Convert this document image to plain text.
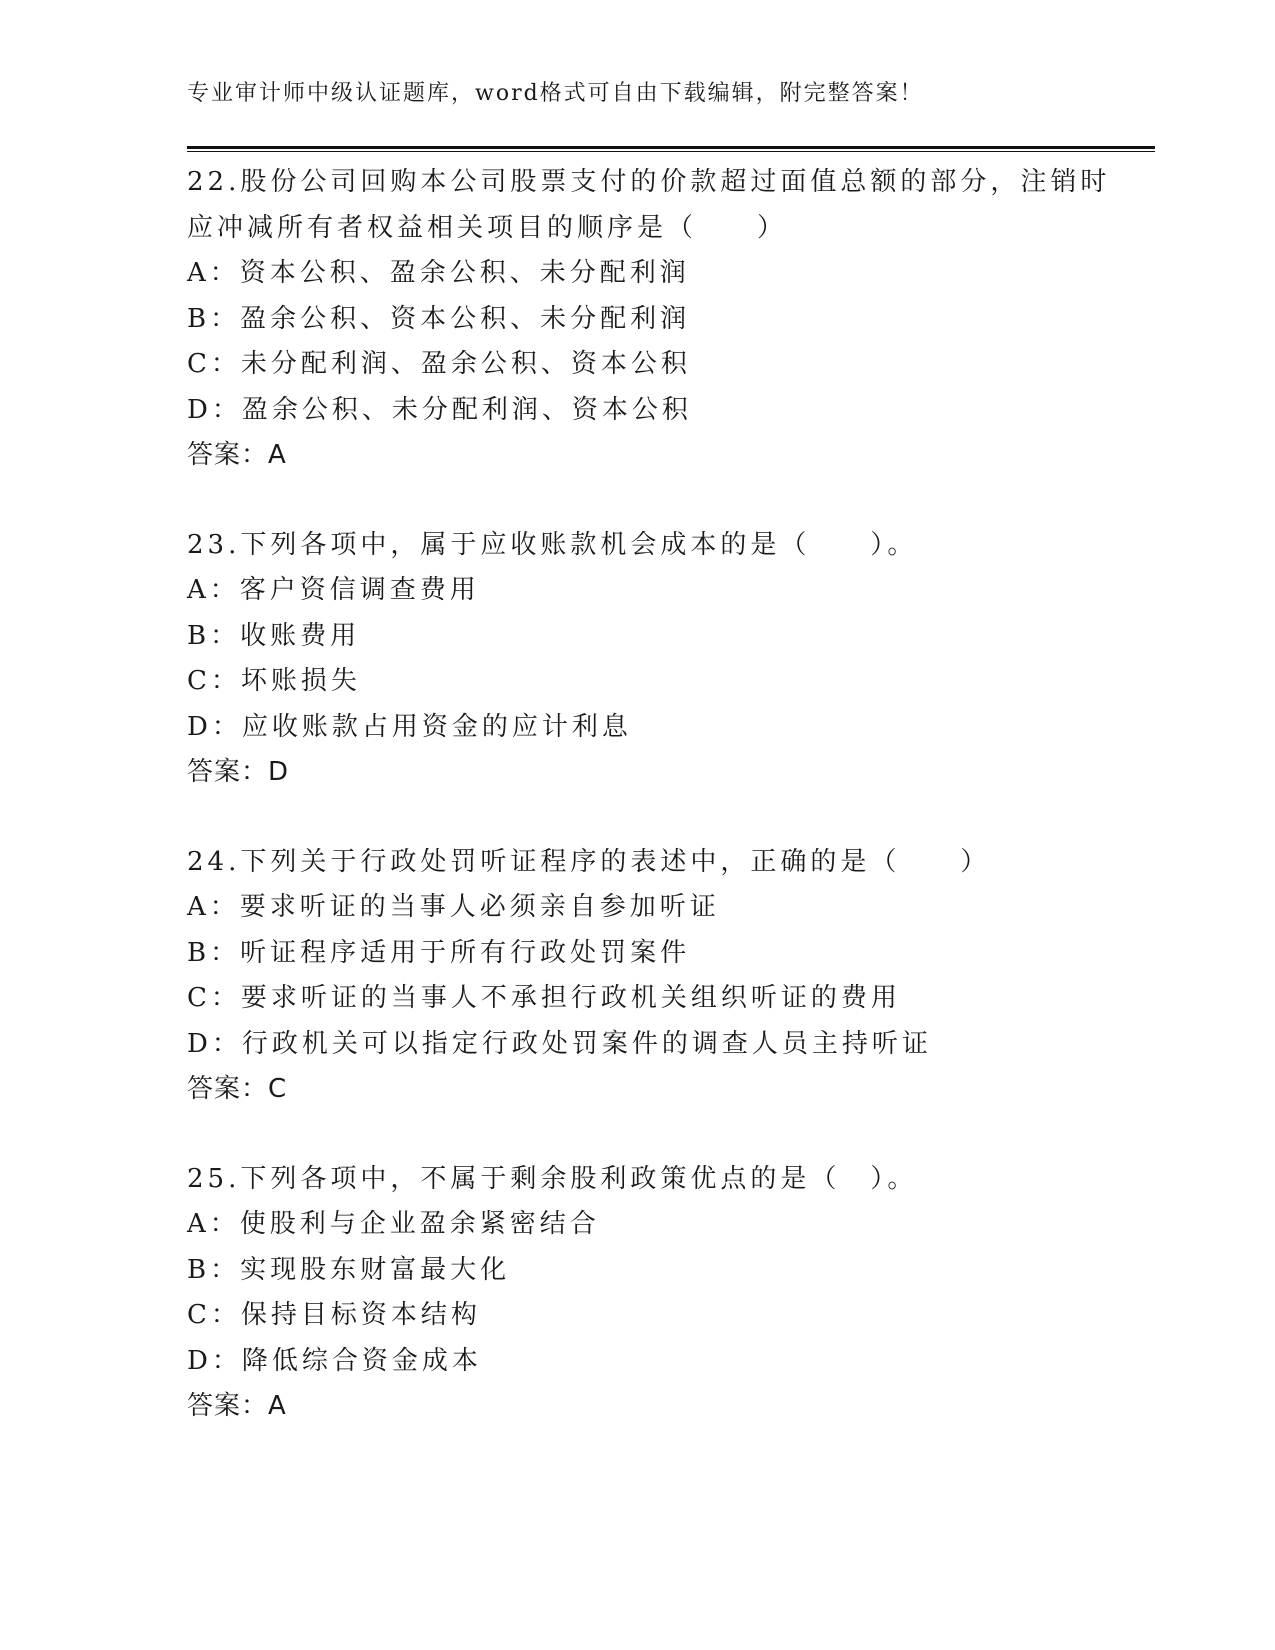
专业审计师中级认证题库，word格式可自由下载编辑，附完整答案！
22.股份公司回购本公司股票支付的价款超过面值总额的部分，注销时
应冲减所有者权益相关项目的顺序是（　　）
A：资本公积、盈余公积、未分配利润
B：盈余公积、资本公积、未分配利润
C：未分配利润、盈余公积、资本公积
D：盈余公积、未分配利润、资本公积
答案：A
23.下列各项中，属于应收账款机会成本的是（　　）。
A：客户资信调查费用
B：收账费用
C：坏账损失
D：应收账款占用资金的应计利息
答案：D
24.下列关于行政处罚听证程序的表述中，正确的是（　　）
A：要求听证的当事人必须亲自参加听证
B：听证程序适用于所有行政处罚案件
C：要求听证的当事人不承担行政机关组织听证的费用
D：行政机关可以指定行政处罚案件的调查人员主持听证
答案：C
25.下列各项中，不属于剩余股利政策优点的是（　）。
A：使股利与企业盈余紧密结合
B：实现股东财富最大化
C：保持目标资本结构
D：降低综合资金成本
答案：A
